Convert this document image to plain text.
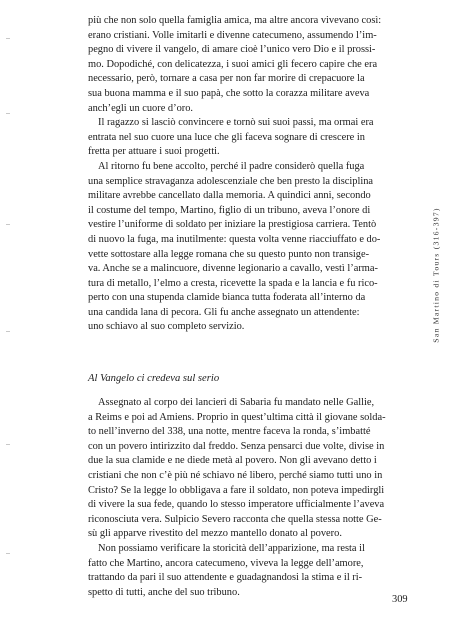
più che non solo quella famiglia amica, ma altre ancora vivevano così:
erano cristiani. Volle imitarli e divenne catecumeno, assumendo l’im-
pegno di vivere il vangelo, di amare cioè l’unico vero Dio e il prossi-
mo. Dopodiché, con delicatezza, i suoi amici gli fecero capire che era
necessario, però, tornare a casa per non far morire di crepacuore la
sua buona mamma e il suo papà, che sotto la corazza militare aveva
anch’egli un cuore d’oro.
Il ragazzo si lasciò convincere e tornò sui suoi passi, ma ormai era
entrata nel suo cuore una luce che gli faceva sognare di crescere in
fretta per attuare i suoi progetti.
Al ritorno fu bene accolto, perché il padre considerò quella fuga
una semplice stravaganza adolescenziale che ben presto la disciplina
militare avrebbe cancellato dalla memoria. A quindici anni, secondo
il costume del tempo, Martino, figlio di un tribuno, aveva l’onore di
vestire l’uniforme di soldato per iniziare la prestigiosa carriera. Tentò
di nuovo la fuga, ma inutilmente: questa volta venne riacciuffato e do-
vette sottostare alla legge romana che su questo punto non transige-
va. Anche se a malincuore, divenne legionario a cavallo, vestì l’arma-
tura di metallo, l’elmo a cresta, ricevette la spada e la lancia e fu rico-
perto con una stupenda clamide bianca tutta foderata all’interno da
una candida lana di pecora. Gli fu anche assegnato un attendente:
uno schiavo al suo completo servizio.
Al Vangelo ci credeva sul serio
Assegnato al corpo dei lancieri di Sabaria fu mandato nelle Gallie,
a Reims e poi ad Amiens. Proprio in quest’ultima città il giovane solda-
to nell’inverno del 338, una notte, mentre faceva la ronda, s’imbatté
con un povero intirizzito dal freddo. Senza pensarci due volte, divise in
due la sua clamide e ne diede metà al povero. Non gli avevano detto i
cristiani che non c’è più né schiavo né libero, perché siamo tutti uno in
Cristo? Se la legge lo obbligava a fare il soldato, non poteva impedirgli
di vivere la sua fede, quando lo stesso imperatore ufficialmente l’aveva
riconosciuta vera. Sulpicio Severo racconta che quella stessa notte Ge-
sù gli apparve rivestito del mezzo mantello donato al povero.
Non possiamo verificare la storicità dell’apparizione, ma resta il
fatto che Martino, ancora catecumeno, viveva la legge dell’amore,
trattando da pari il suo attendente e guadagnandosi la stima e il ri-
spetto di tutti, anche del suo tribuno.
San Martino di Tours (316-397)
309
